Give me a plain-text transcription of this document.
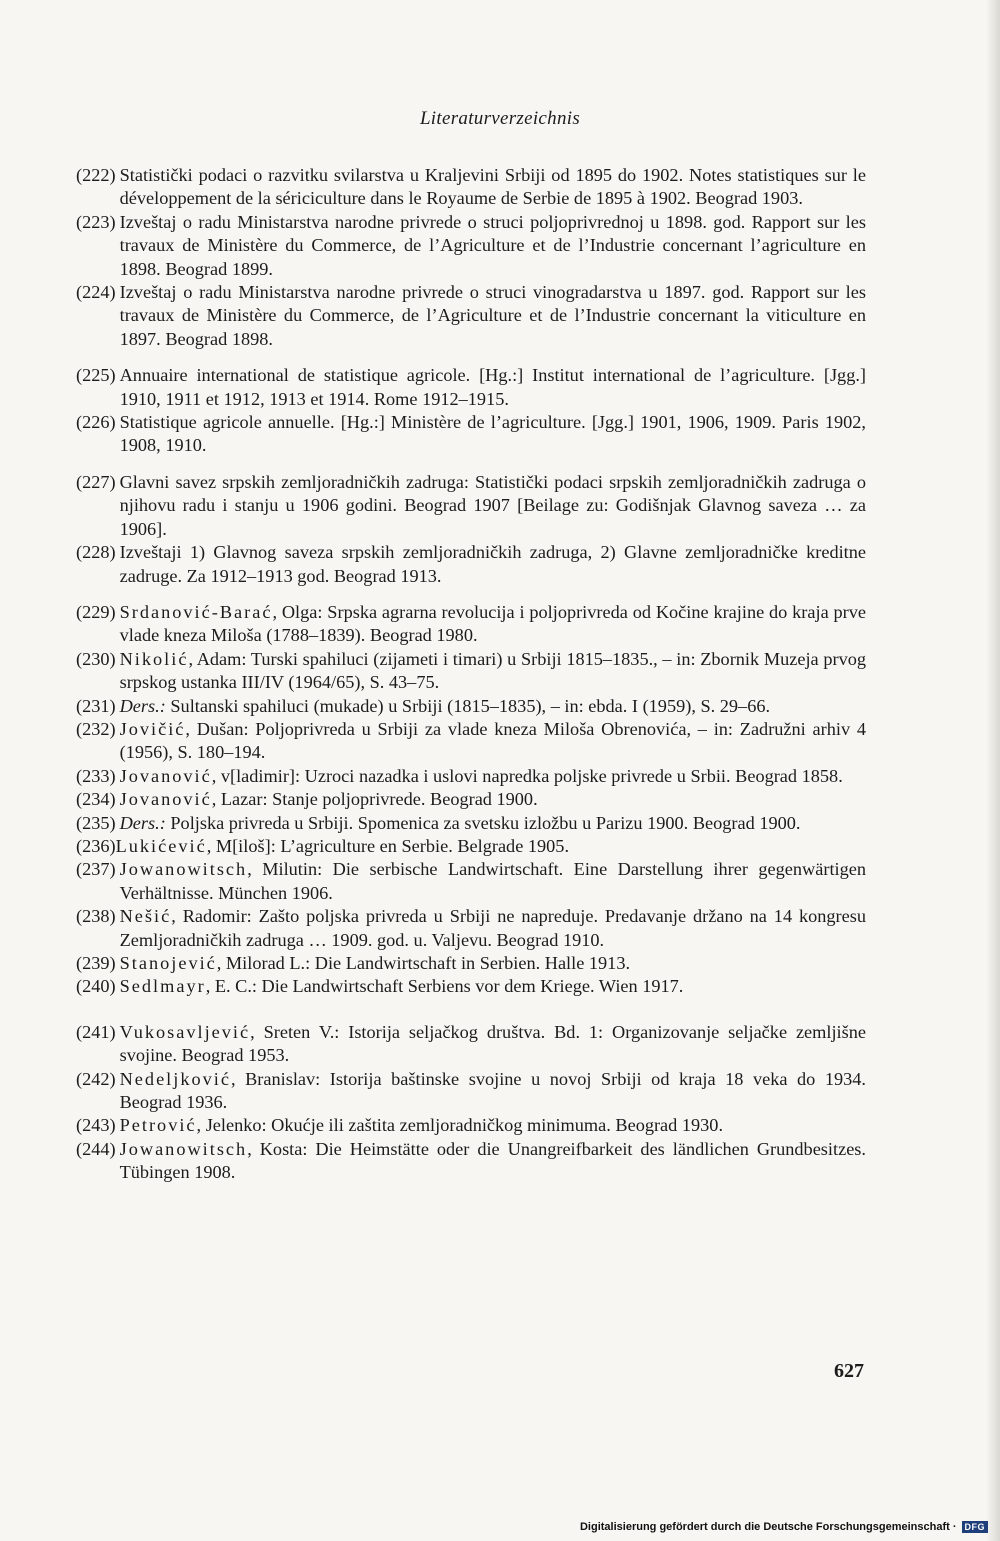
Literaturverzeichnis
(222) Statistički podaci o razvitku svilarstva u Kraljevini Srbiji od 1895 do 1902. Notes statistiques sur le développement de la sériciculture dans le Royaume de Serbie de 1895 à 1902. Beograd 1903.
(223) Izveštaj o radu Ministarstva narodne privrede o struci poljoprivrednoj u 1898. god. Rapport sur les travaux de Ministère du Commerce, de l’Agriculture et de l’Industrie concernant l’agriculture en 1898. Beograd 1899.
(224) Izveštaj o radu Ministarstva narodne privrede o struci vinogradarstva u 1897. god. Rapport sur les travaux de Ministère du Commerce, de l’Agriculture et de l’Industrie concernant la viticulture en 1897. Beograd 1898.
(225) Annuaire international de statistique agricole. [Hg.:] Institut international de l’agriculture. [Jgg.] 1910, 1911 et 1912, 1913 et 1914. Rome 1912–1915.
(226) Statistique agricole annuelle. [Hg.:] Ministère de l’agriculture. [Jgg.] 1901, 1906, 1909. Paris 1902, 1908, 1910.
(227) Glavni savez srpskih zemljoradničkih zadruga: Statistički podaci srpskih zemljoradničkih zadruga o njihovu radu i stanju u 1906 godini. Beograd 1907 [Beilage zu: Godišnjak Glavnog saveza … za 1906].
(228) Izveštaji 1) Glavnog saveza srpskih zemljoradničkih zadruga, 2) Glavne zemljoradničke kreditne zadruge. Za 1912–1913 god. Beograd 1913.
(229) Srdanović-Barać, Olga: Srpska agrarna revolucija i poljoprivreda od Kočine krajine do kraja prve vlade kneza Miloša (1788–1839). Beograd 1980.
(230) Nikolić, Adam: Turski spahiluci (zijameti i timari) u Srbiji 1815–1835., – in: Zbornik Muzeja prvog srpskog ustanka III/IV (1964/65), S. 43–75.
(231) Ders.: Sultanski spahiluci (mukade) u Srbiji (1815–1835), – in: ebda. I (1959), S. 29–66.
(232) Jovičić, Dušan: Poljoprivreda u Srbiji za vlade kneza Miloša Obrenovića, – in: Zadružni arhiv 4 (1956), S. 180–194.
(233) Jovanović, v[ladimir]: Uzroci nazadka i uslovi napredka poljske privrede u Srbii. Beograd 1858.
(234) Jovanović, Lazar: Stanje poljoprivrede. Beograd 1900.
(235) Ders.: Poljska privreda u Srbiji. Spomenica za svetsku izložbu u Parizu 1900. Beograd 1900.
(236) Lukićević, M[iloš]: L’agriculture en Serbie. Belgrade 1905.
(237) Jowanowitsch, Milutin: Die serbische Landwirtschaft. Eine Darstellung ihrer gegenwärtigen Verhältnisse. München 1906.
(238) Nešić, Radomir: Zašto poljska privreda u Srbiji ne napreduje. Predavanje držano na 14 kongresu Zemljoradničkih zadruga … 1909. god. u. Valjevu. Beograd 1910.
(239) Stanojević, Milorad L.: Die Landwirtschaft in Serbien. Halle 1913.
(240) Sedlmayr, E. C.: Die Landwirtschaft Serbiens vor dem Kriege. Wien 1917.
(241) Vukosavljević, Sreten V.: Istorija seljačkog društva. Bd. 1: Organizovanje seljačke zemljišne svojine. Beograd 1953.
(242) Nedeljković, Branislav: Istorija baštinske svojine u novoj Srbiji od kraja 18 veka do 1934. Beograd 1936.
(243) Petrović, Jelenko: Okućje ili zaštita zemljoradničkog minimuma. Beograd 1930.
(244) Jowanowitsch, Kosta: Die Heimstätte oder die Unangreifbarkeit des ländlichen Grundbesitzes. Tübingen 1908.
627
Digitalisierung gefördert durch die Deutsche Forschungsgemeinschaft · DFG
